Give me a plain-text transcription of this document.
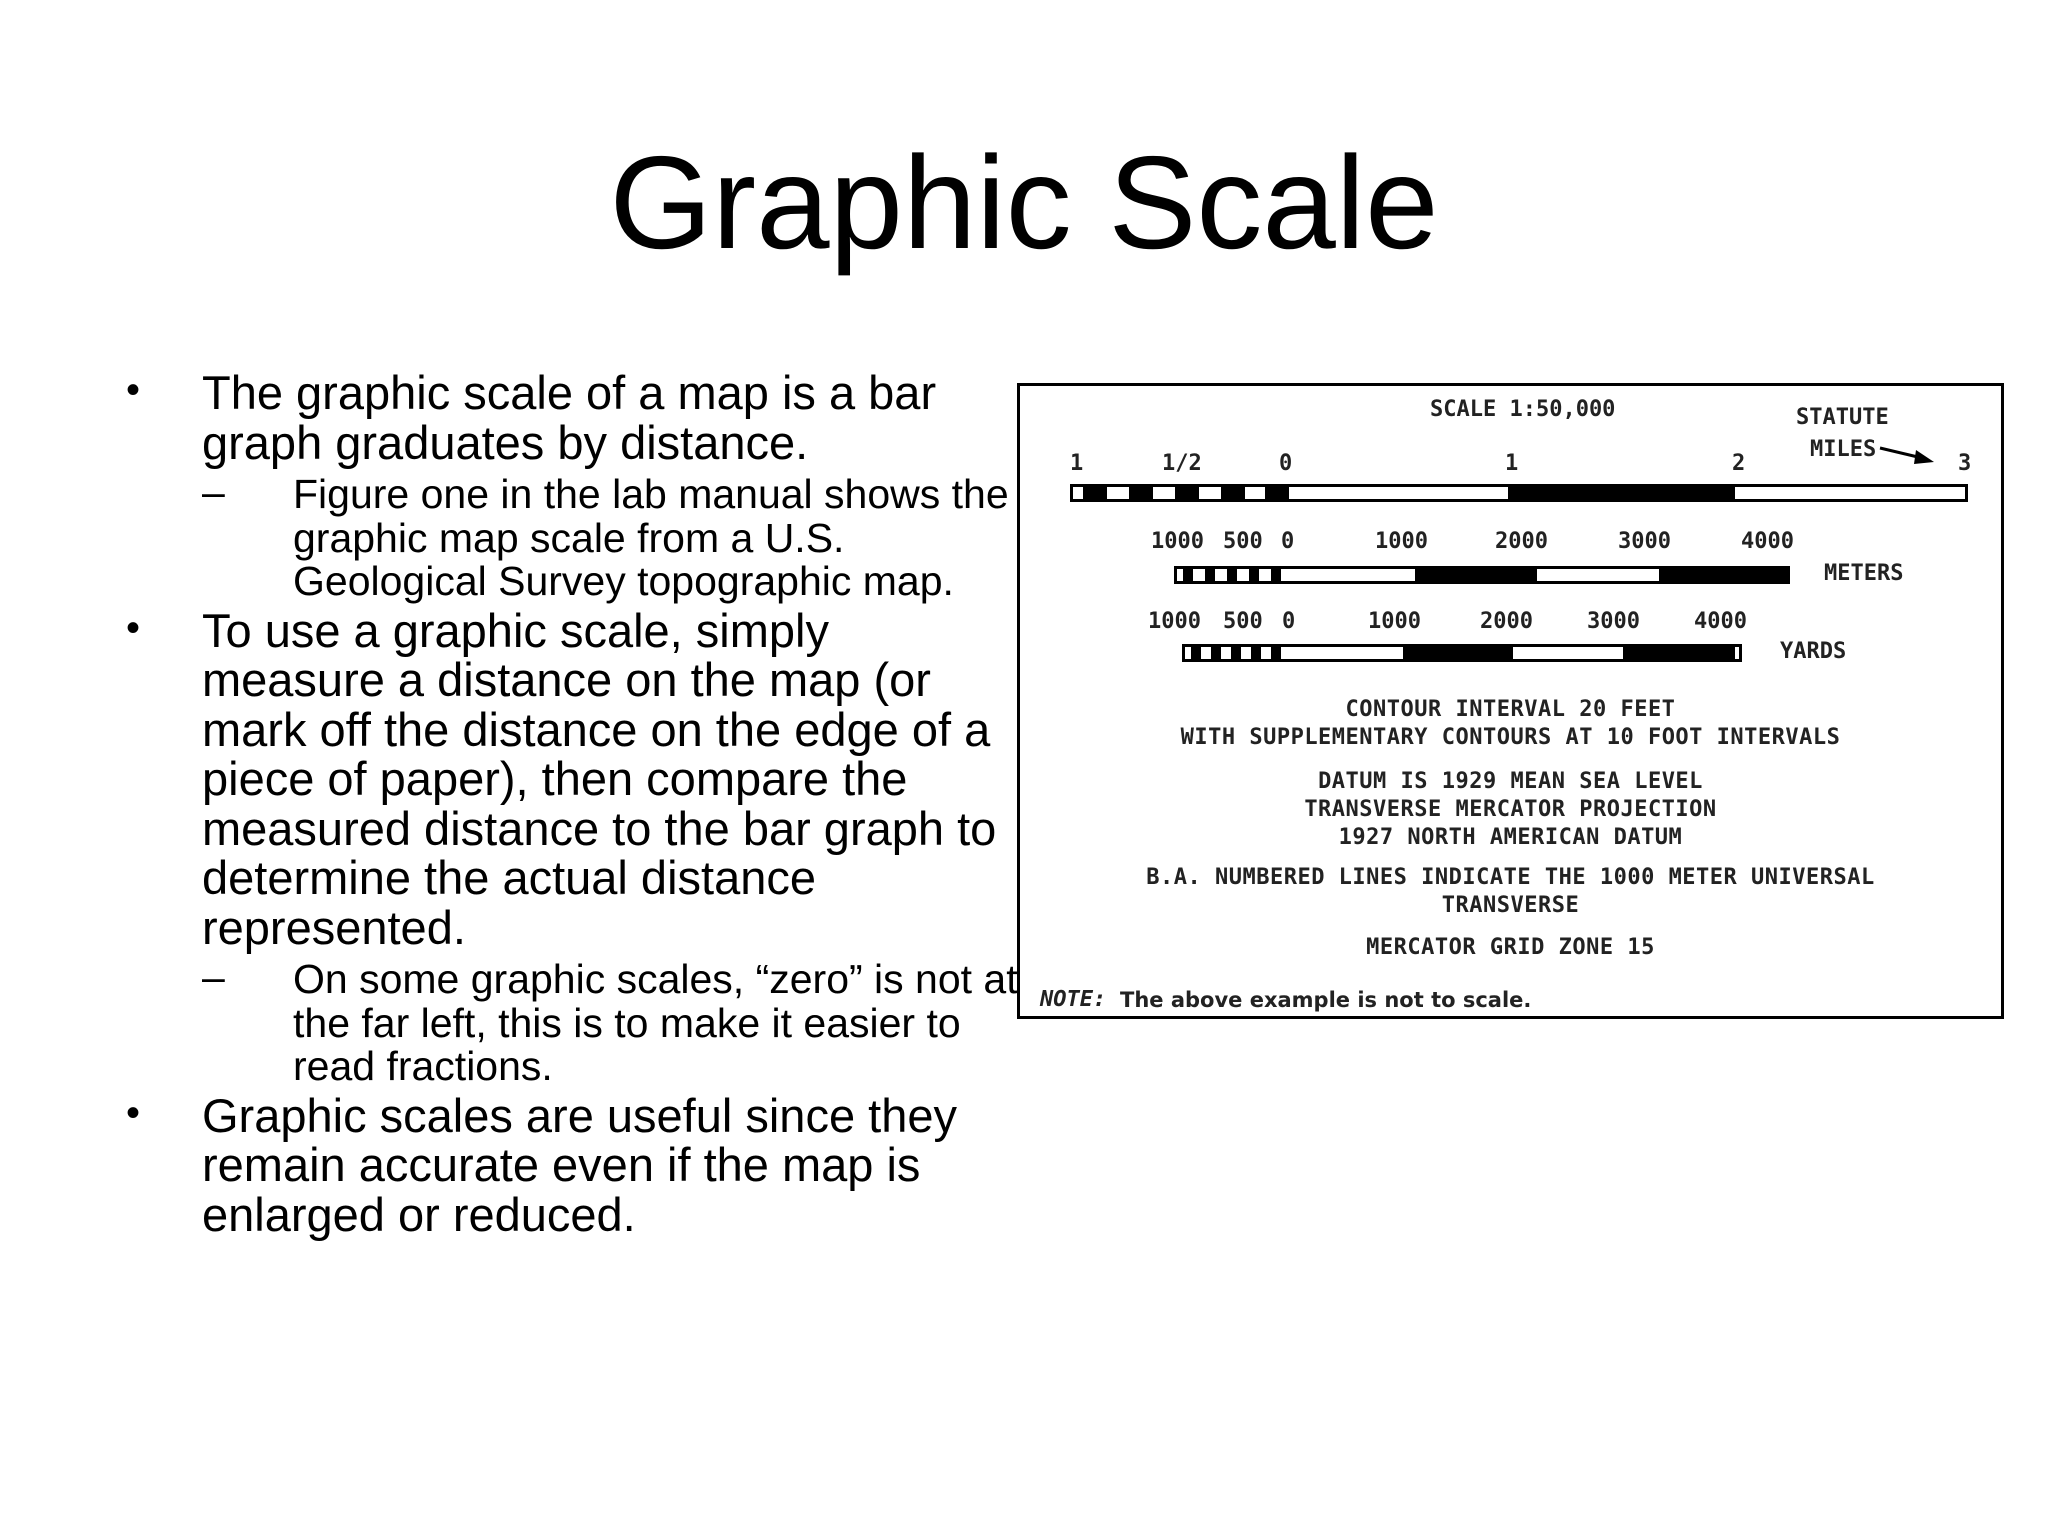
Graphic Scale
• The graphic scale of a map is a bar graph graduates by distance.
– Figure one in the lab manual shows the graphic map scale from a U.S. Geological Survey topographic map.
• To use a graphic scale, simply measure a distance on the map (or mark off the distance on the edge of a piece of paper), then compare the measured distance to the bar graph to determine the actual distance represented.
– On some graphic scales, “zero” is not at the far left, this is to make it easier to read fractions.
• Graphic scales are useful since they remain accurate even if the map is enlarged or reduced.
SCALE 1:50,000	STATUTE
MILES
1	1/2	0	1	2	3
1000 500 0	1000	2000	3000	4000
METERS
1000 500 0	1000	2000 3000 4000
YARDS
CONTOUR INTERVAL 20 FEET
WITH SUPPLEMENTARY CONTOURS AT 10 FOOT INTERVALS
DATUM IS 1929 MEAN SEA LEVEL
TRANSVERSE MERCATOR PROJECTION
1927 NORTH AMERICAN DATUM
B.A. NUMBERED LINES INDICATE THE 1000 METER UNIVERSAL
TRANSVERSE
MERCATOR GRID ZONE 15
NOTE: The above example is not to scale.
